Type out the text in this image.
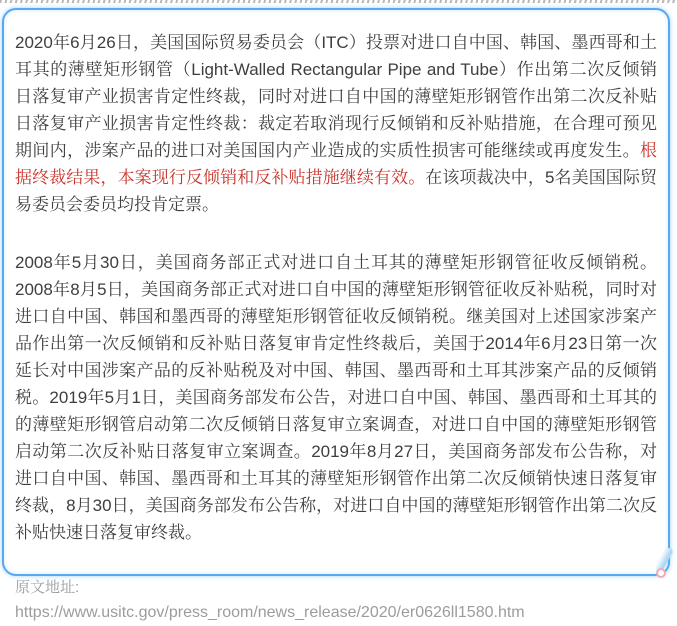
2020年6月26日，美国国际贸易委员会（ITC）投票对进口自中国、韩国、墨西哥和土耳其的薄壁矩形钢管（Light-Walled Rectangular Pipe and Tube）作出第二次反倾销日落复审产业损害肯定性终裁，同时对进口自中国的薄壁矩形钢管作出第二次反补贴日落复审产业损害肯定性终裁：裁定若取消现行反倾销和反补贴措施，在合理可预见期间内，涉案产品的进口对美国国内产业造成的实质性损害可能继续或再度发生。根据终裁结果，本案现行反倾销和反补贴措施继续有效。在该项裁决中，5名美国国际贸易委员会委员均投肯定票。

2008年5月30日，美国商务部正式对进口自土耳其的薄壁矩形钢管征收反倾销税。2008年8月5日，美国商务部正式对进口自中国的薄壁矩形钢管征收反补贴税，同时对进口自中国、韩国和墨西哥的薄壁矩形钢管征收反倾销税。继美国对上述国家涉案产品作出第一次反倾销和反补贴日落复审肯定性终裁后，美国于2014年6月23日第一次延长对中国涉案产品的反补贴税及对中国、韩国、墨西哥和土耳其涉案产品的反倾销税。2019年5月1日，美国商务部发布公告，对进口自中国、韩国、墨西哥和土耳其的的薄壁矩形钢管启动第二次反倾销日落复审立案调查，对进口自中国的薄壁矩形钢管启动第二次反补贴日落复审立案调查。2019年8月27日，美国商务部发布公告称，对进口自中国、韩国、墨西哥和土耳其的薄壁矩形钢管作出第二次反倾销快速日落复审终裁，8月30日，美国商务部发布公告称，对进口自中国的薄壁矩形钢管作出第二次反补贴快速日落复审终裁。

原文地址:
https://www.usitc.gov/press_room/news_release/2020/er0626ll1580.htm
